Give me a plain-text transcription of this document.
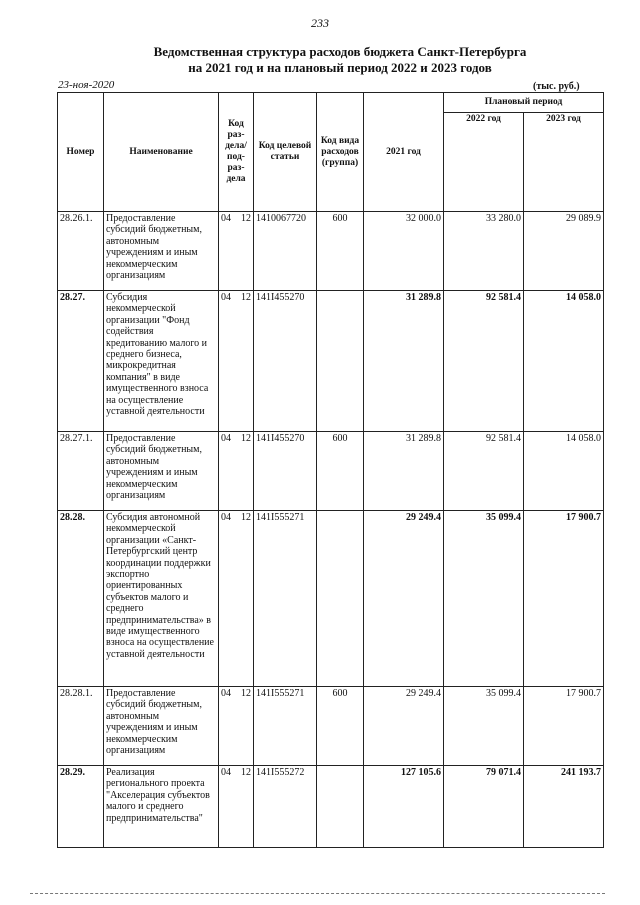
233
Ведомственная структура расходов бюджета Санкт-Петербурга
на 2021 год и на плановый период 2022 и 2023 годов
23-ноя-2020	(тыс. руб.)
Номер	Наименование	Код раз- дела/ под- раз- дела	Код целевой статьи	Код вида расходов (группа)	2021 год	Плановый период	
						2022 год	2023 год
28.26.1.	Предоставление субсидий бюджетным, автономным учреждениям и иным некоммерческим организациям	04 12	1410067720	600	32 000.0	33 280.0	29 089.9
28.27.	Субсидия некоммерческой организации "Фонд содействия кредитованию малого и среднего бизнеса, микрокредитная компания" в виде имущественного взноса на осуществление уставной деятельности	04 12	141I455270		31 289.8	92 581.4	14 058.0
28.27.1.	Предоставление субсидий бюджетным, автономным учреждениям и иным некоммерческим организациям	04 12	141I455270	600	31 289.8	92 581.4	14 058.0
28.28.	Субсидия автономной некоммерческой организации «Санкт-Петербургский центр координации поддержки экспортно ориентированных субъектов малого и среднего предпринимательства» в виде имущественного взноса на осуществление уставной деятельности	04 12	141I555271		29 249.4	35 099.4	17 900.7
28.28.1.	Предоставление субсидий бюджетным, автономным учреждениям и иным некоммерческим организациям	04 12	141I555271	600	29 249.4	35 099.4	17 900.7
28.29.	Реализация регионального проекта "Акселерация субъектов малого и среднего предпринимательства"	04 12	141I555272		127 105.6	79 071.4	241 193.7
